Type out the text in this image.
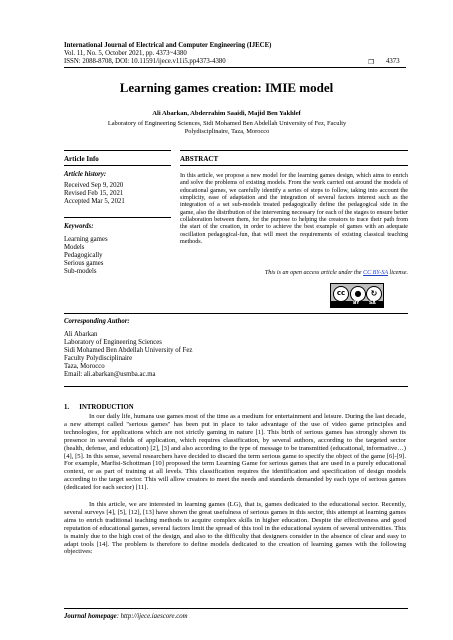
International Journal of Electrical and Computer Engineering (IJECE)
Vol. 11, No. 5, October 2021, pp. 4373~4380
ISSN: 2088-8708, DOI: 10.11591/ijece.v11i5.pp4373-4380	❒ 4373
Learning games creation: IMIE model
Ali Abarkan, Abderrahim Saaidi, Majid Ben Yakhlef
Laboratory of Engineering Sciences, Sidi Mohamed Ben Abdellah University of Fez, Faculty Polydisciplinaire, Taza, Morocco
Article Info	ABSTRACT
Article history:
Received Sep 9, 2020
Revised Feb 15, 2021
Accepted Mar 5, 2021
Keywords:
Learning games
Models
Pedagogically
Serious games
Sub-models
In this article, we propose a new model for the learning games design, which aims to enrich and solve the problems of existing models. From the work carried out around the models of educational games, we carefully identify a series of steps to follow, taking into account the simplicity, ease of adaptation and the integration of several factors interest such as the integration of a set sub-models treated pedagogically define the pedagogical side in the game, also the distribution of the intervening necessary for each of the stages to ensure better collaboration between them, for the purpose to helping the creators to trace their path from the start of the creation, in order to achieve the best example of games with an adequate oscillation pedagogical-fun, that will meet the requirements of existing classical teaching methods.
This is an open access article under the CC BY-SA license.
cc	●	↻
BY SA
Corresponding Author:
Ali Abarkan
Laboratory of Engineering Sciences
Sidi Mohamed Ben Abdellah University of Fez
Faculty Polydisciplinaire
Taza, Morocco
Email: ali.abarkan@usmba.ac.ma
1.      INTRODUCTION
In our daily life, humans use games most of the time as a medium for entertainment and leisure. During the last decade, a new attempt called "serious games" has been put in place to take advantage of the use of video game principles and technologies, for applications which are not strictly gaming in nature [1]. This birth of serious games has strongly shown its presence in several fields of application, which requires classification, by several authors, according to the targeted sector (health, defense, and education) [2], [3] and also according to the type of message to be transmitted (educational, informative…) [4], [5]. In this sense, several researchers have decided to discard the term serious game to specify the object of the game [6]-[9]. For example, Marfisi-Schottman [10] proposed the term Learning Game for serious games that are used in a purely educational context, or as part of training at all levels. This classification requires the identification and specification of design models according to the target sector. This will allow creators to meet the needs and standards demanded by each type of serious games (dedicated for each sector) [11].
In this article, we are interested in learning games (LG), that is, games dedicated to the educational sector. Recently, several surveys [4], [5], [12], [13] have shown the great usefulness of serious games in this sector, this attempt at learning games aims to enrich traditional teaching methods to acquire complex skills in higher education. Despite the effectiveness and good reputation of educational games, several factors limit the spread of this tool in the educational system of several universities. This is mainly due to the high cost of the design, and also to the difficulty that designers consider in the absence of clear and easy to adapt tools [14]. The problem is therefore to define models dedicated to the creation of learning games with the following objectives:
Journal homepage: http://ijece.iaescore.com
